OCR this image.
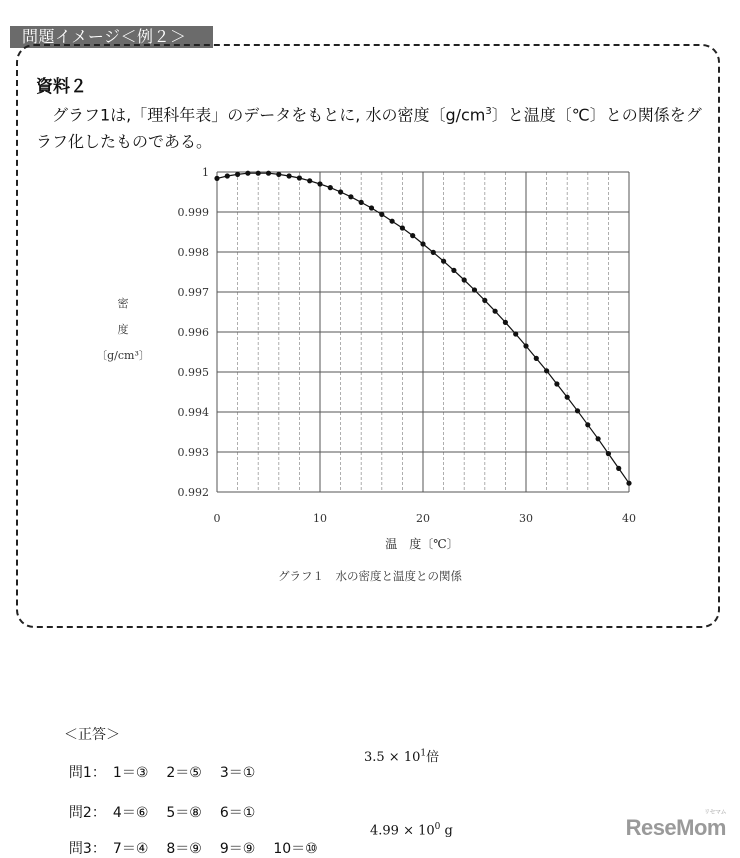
問題イメージ＜例２＞
資料２
グラフ1は,「理科年表」のデータをもとに, 水の密度〔$g/cm^3$〕と温度〔℃〕との関係をグラフ化したものである。
1
0.999
0.998
0.997
0.996
0.995
0.994
0.993
0.992
0	10	20	30	40
密
度
〔g/cm³〕
温　度〔℃〕
グラフ１　水の密度と温度との関係
＜正答＞

問1： 1＝③ 2＝⑤ 3＝①

$3.5 \times 10^1$倍

問2： 4＝⑥ 5＝⑧ 6＝①

問3： 7＝④ 8＝⑨ 9＝⑨ 10＝⑩

$4.99 \times 10^0$ g	ReseMom
リセマム
